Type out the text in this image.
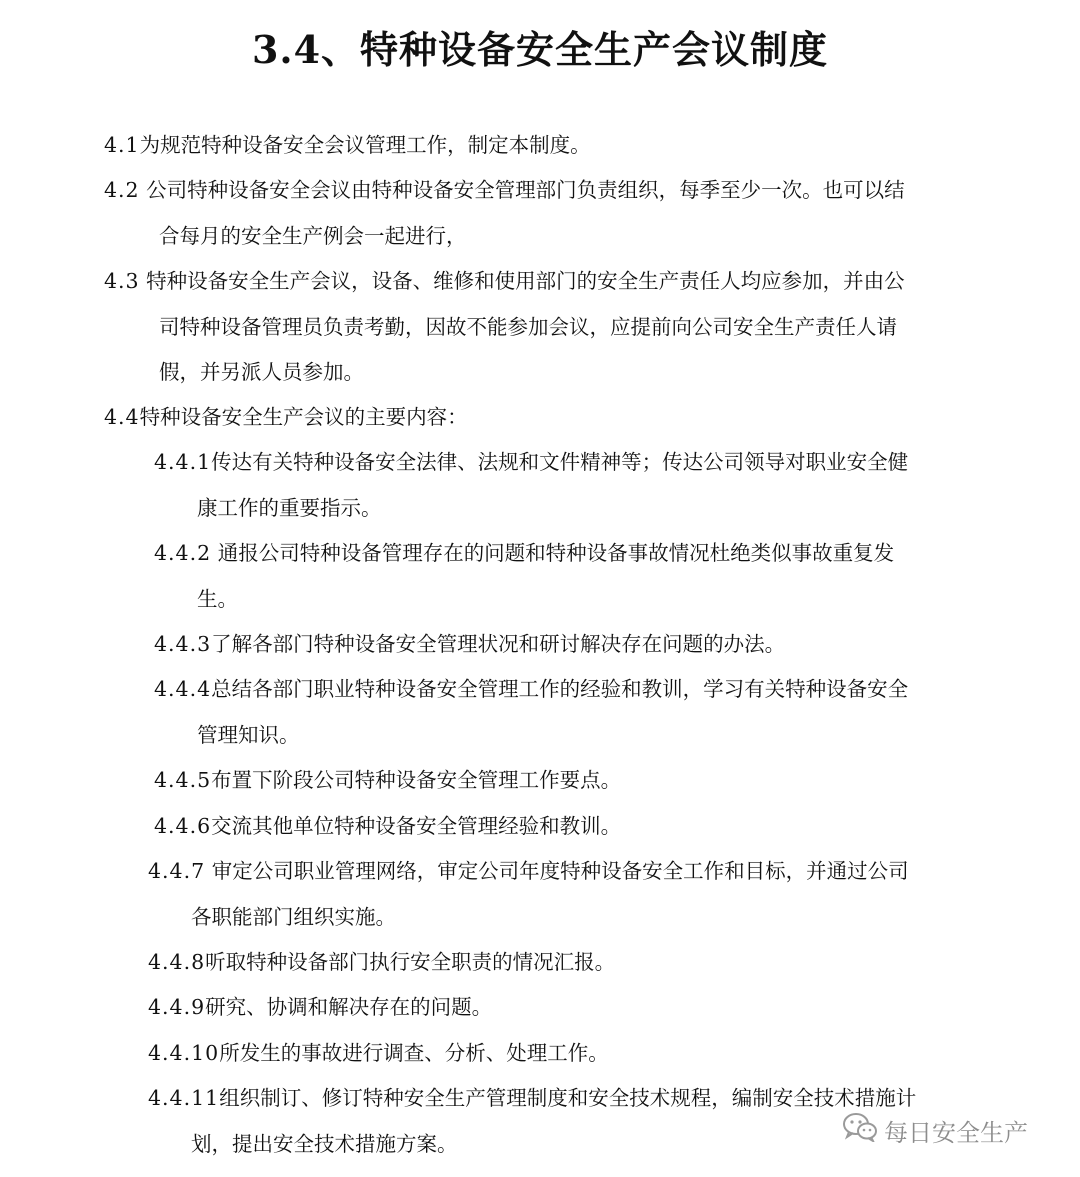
3.4、特种设备安全生产会议制度
4.1为规范特种设备安全会议管理工作，制定本制度。
4.2 公司特种设备安全会议由特种设备安全管理部门负责组织，每季至少一次。也可以结
合每月的安全生产例会一起进行，
4.3 特种设备安全生产会议，设备、维修和使用部门的安全生产责任人均应参加，并由公
司特种设备管理员负责考勤，因故不能参加会议，应提前向公司安全生产责任人请
假，并另派人员参加。
4.4特种设备安全生产会议的主要内容：
4.4.1传达有关特种设备安全法律、法规和文件精神等；传达公司领导对职业安全健
康工作的重要指示。
4.4.2 通报公司特种设备管理存在的问题和特种设备事故情况杜绝类似事故重复发
生。
4.4.3了解各部门特种设备安全管理状况和研讨解决存在问题的办法。
4.4.4总结各部门职业特种设备安全管理工作的经验和教训，学习有关特种设备安全
管理知识。
4.4.5布置下阶段公司特种设备安全管理工作要点。
4.4.6交流其他单位特种设备安全管理经验和教训。
4.4.7 审定公司职业管理网络，审定公司年度特种设备安全工作和目标，并通过公司
各职能部门组织实施。
4.4.8听取特种设备部门执行安全职责的情况汇报。
4.4.9研究、协调和解决存在的问题。
4.4.10所发生的事故进行调查、分析、处理工作。
4.4.11组织制订、修订特种安全生产管理制度和安全技术规程，编制安全技术措施计
划，提出安全技术措施方案。	每日安全生产
